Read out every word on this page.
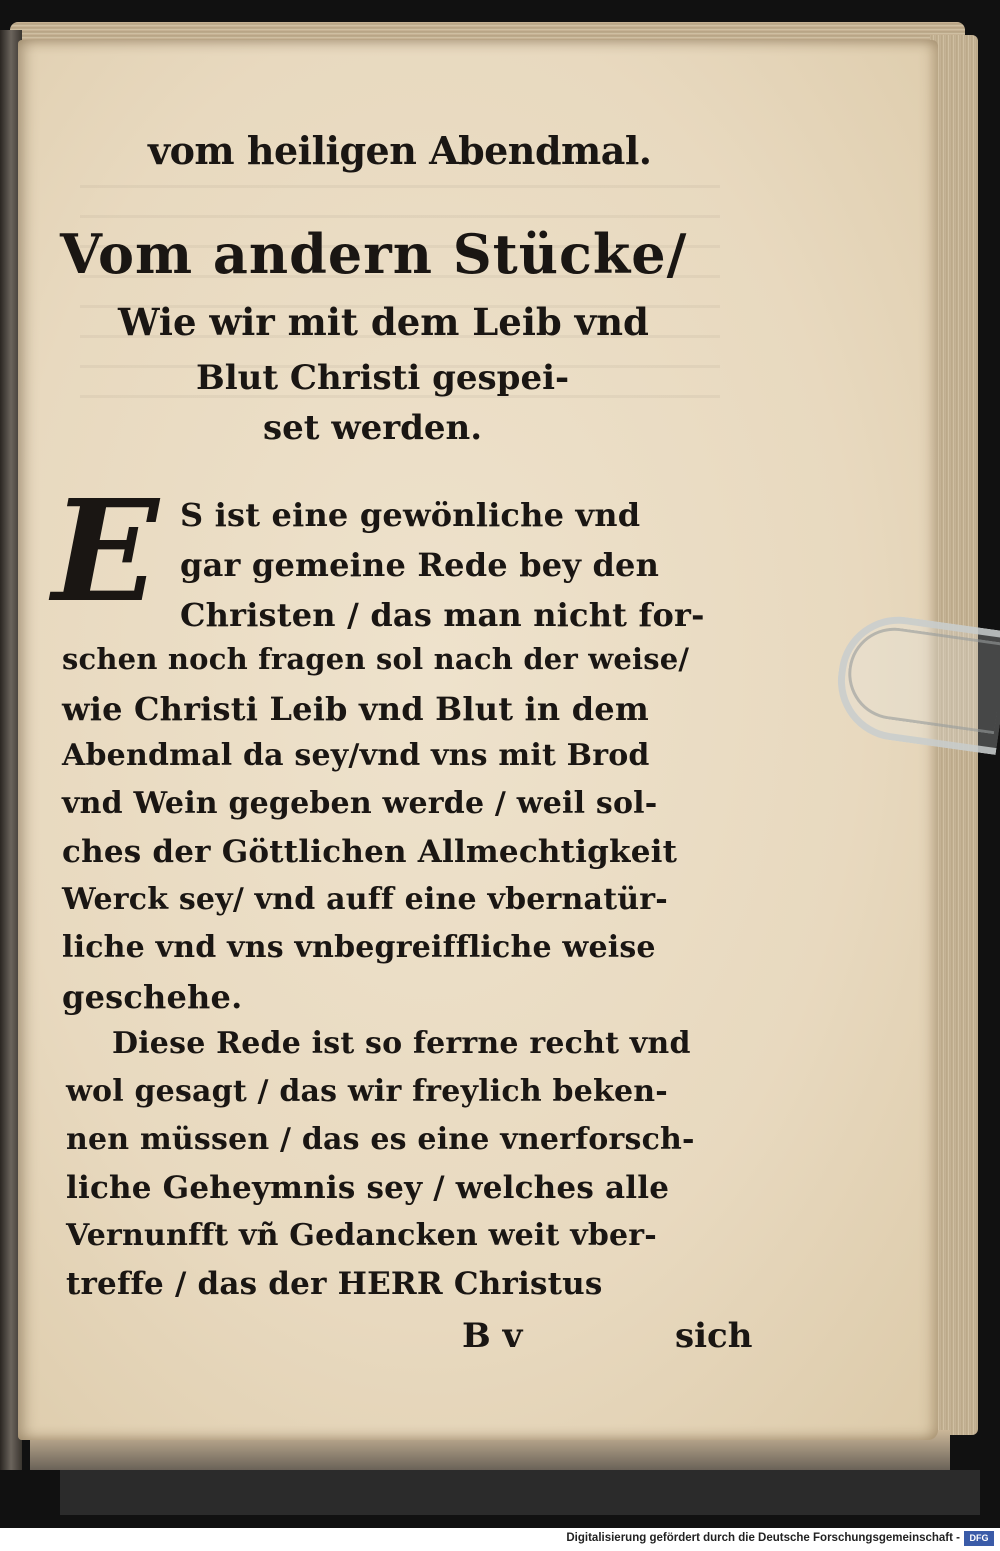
vom heiligen Abendmal.
Vom andern Stücke/
Wie wir mit dem Leib vnd
Blut Christi gespei-
set werden.
E S ist eine gewönliche vnd
gar gemeine Rede bey den
Christen / das man nicht for-
schen noch fragen sol nach der weise/
wie Christi Leib vnd Blut in dem
Abendmal da sey/vnd vns mit Brod
vnd Wein gegeben werde / weil sol-
ches der Göttlichen Allmechtigkeit
Werck sey/ vnd auff eine vbernatür-
liche vnd vns vnbegreiffliche weise
geschehe.
Diese Rede ist so ferrne recht vnd
wol gesagt / das wir freylich beken-
nen müssen / das es eine vnerforsch-
liche Geheymnis sey / welches alle
Vernunfft vñ Gedancken weit vber-
treffe / das der HERR Christus
B v	sich
Digitalisierung gefördert durch die Deutsche Forschungsgemeinschaft -	DFG
